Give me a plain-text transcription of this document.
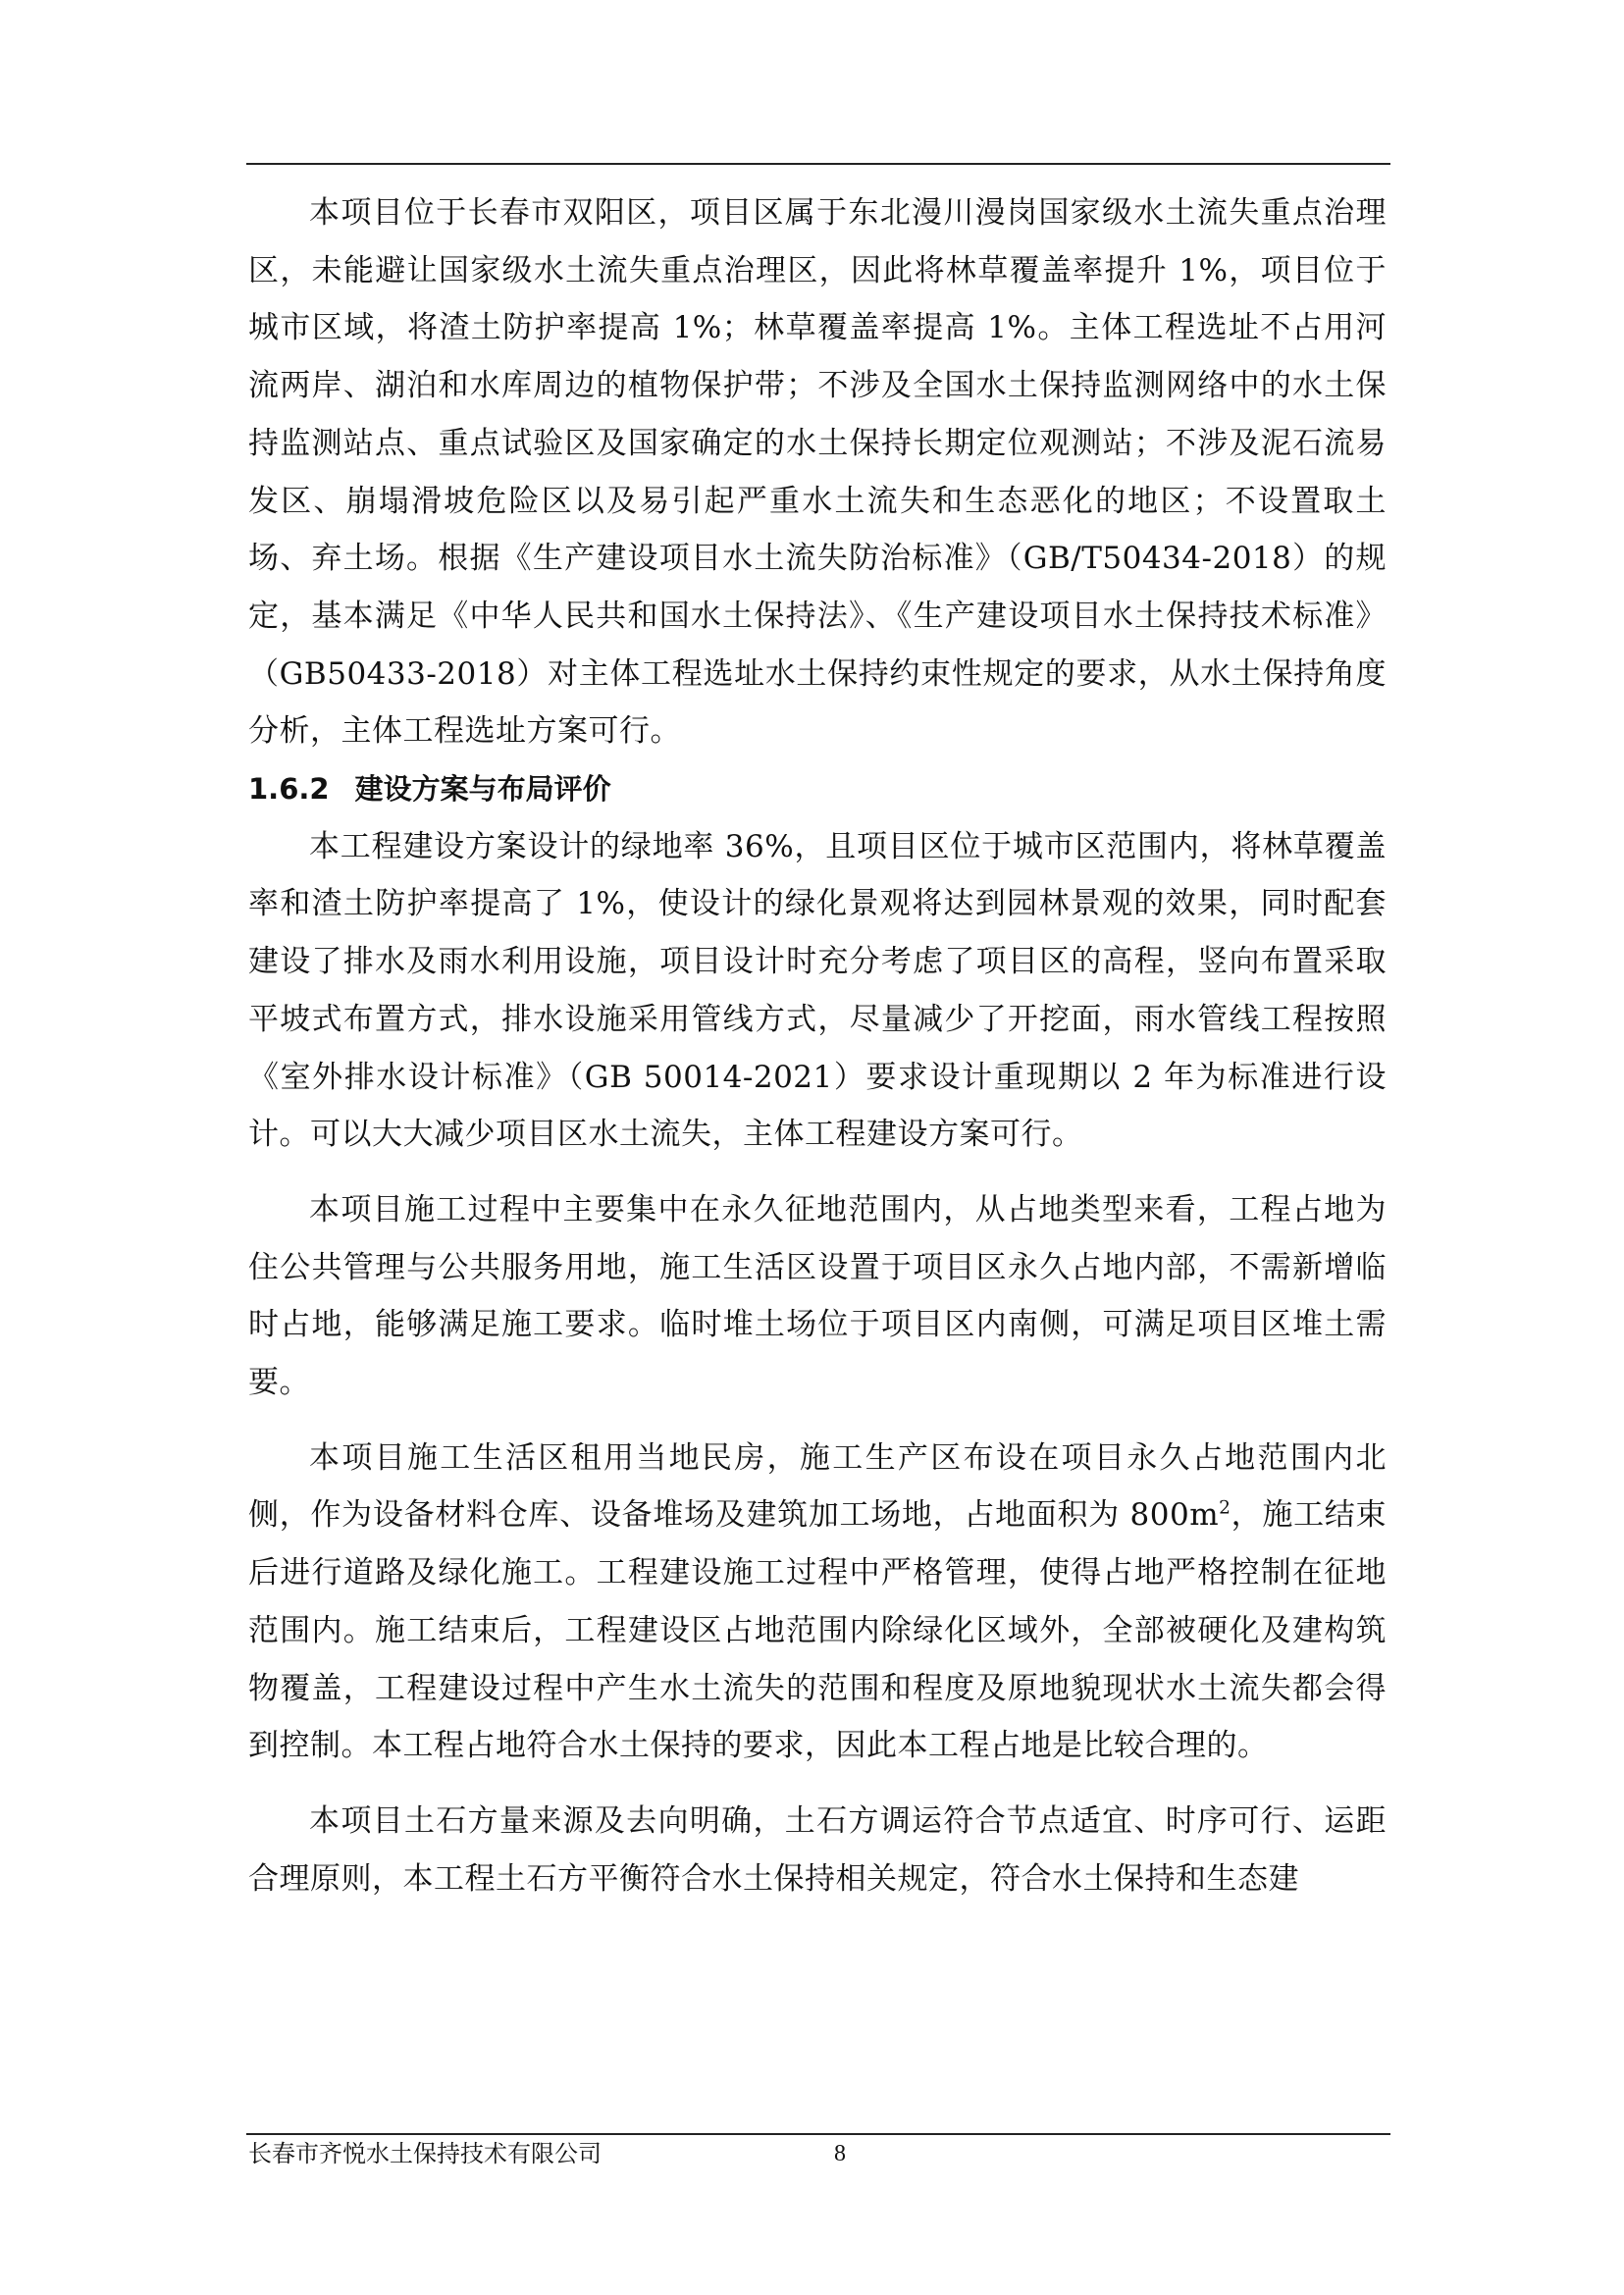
本项目位于长春市双阳区，项目区属于东北漫川漫岗国家级水土流失重点治理区，未能避让国家级水土流失重点治理区，因此将林草覆盖率提升 1%，项目位于城市区域，将渣土防护率提高 1%；林草覆盖率提高 1%。主体工程选址不占用河流两岸、湖泊和水库周边的植物保护带；不涉及全国水土保持监测网络中的水土保持监测站点、重点试验区及国家确定的水土保持长期定位观测站；不涉及泥石流易发区、崩塌滑坡危险区以及易引起严重水土流失和生态恶化的地区；不设置取土场、弃土场。根据《生产建设项目水土流失防治标准》（GB/T50434-2018）的规定，基本满足《中华人民共和国水土保持法》、《生产建设项目水土保持技术标准》（GB50433-2018）对主体工程选址水土保持约束性规定的要求，从水土保持角度分析，主体工程选址方案可行。

1.6.2 建设方案与布局评价

本工程建设方案设计的绿地率 36%，且项目区位于城市区范围内，将林草覆盖率和渣土防护率提高了 1%，使设计的绿化景观将达到园林景观的效果，同时配套建设了排水及雨水利用设施，项目设计时充分考虑了项目区的高程，竖向布置采取平坡式布置方式，排水设施采用管线方式，尽量减少了开挖面，雨水管线工程按照《室外排水设计标准》（GB 50014-2021）要求设计重现期以 2 年为标准进行设计。可以大大减少项目区水土流失，主体工程建设方案可行。

本项目施工过程中主要集中在永久征地范围内，从占地类型来看，工程占地为住公共管理与公共服务用地，施工生活区设置于项目区永久占地内部，不需新增临时占地，能够满足施工要求。临时堆土场位于项目区内南侧，可满足项目区堆土需要。

本项目施工生活区租用当地民房，施工生产区布设在项目永久占地范围内北侧，作为设备材料仓库、设备堆场及建筑加工场地，占地面积为 $800m^2$，施工结束后进行道路及绿化施工。工程建设施工过程中严格管理，使得占地严格控制在征地范围内。施工结束后，工程建设区占地范围内除绿化区域外，全部被硬化及建构筑物覆盖，工程建设过程中产生水土流失的范围和程度及原地貌现状水土流失都会得到控制。本工程占地符合水土保持的要求，因此本工程占地是比较合理的。

本项目土石方量来源及去向明确，土石方调运符合节点适宜、时序可行、运距合理原则，本工程土石方平衡符合水土保持相关规定，符合水土保持和生态建

长春市齐悦水土保持技术有限公司	8
